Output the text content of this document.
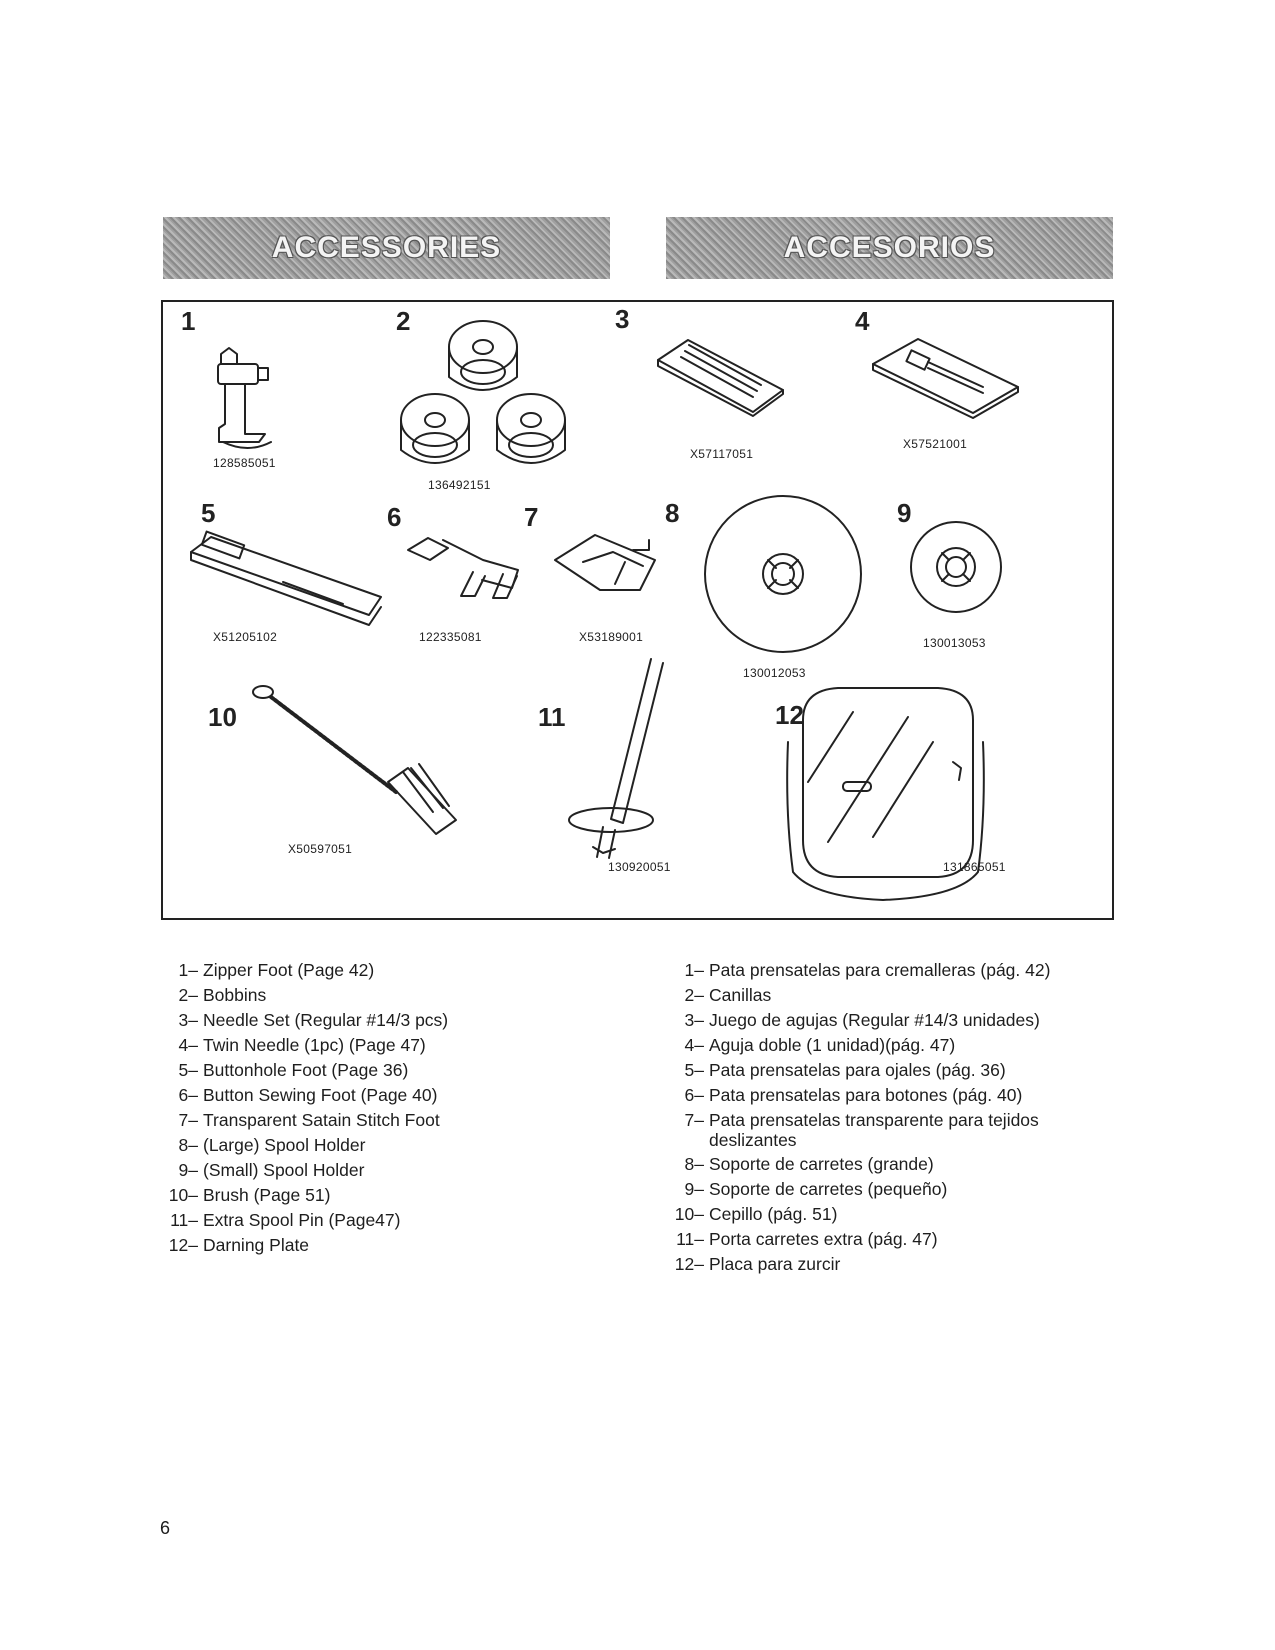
ACCESSORIES	ACCESORIOS
1	2	3	4
5	6	7	8	9
10	11	12
128585051
136492151
X57117051
X57521001
X51205102	122335081	X53189001
130012053
130013053
X50597051
130920051	131865051
1– Zipper Foot (Page 42)
2– Bobbins
3– Needle Set (Regular #14/3 pcs)
4– Twin Needle (1pc) (Page 47)
5– Buttonhole Foot (Page 36)
6– Button Sewing Foot (Page 40)
7– Transparent Satain Stitch Foot
8– (Large) Spool Holder
9– (Small) Spool Holder
10– Brush (Page 51)
11– Extra Spool Pin (Page47)
12– Darning Plate
1– Pata prensatelas para cremalleras (pág. 42)
2– Canillas
3– Juego de agujas (Regular #14/3 unidades)
4– Aguja doble (1 unidad)(pág. 47)
5– Pata prensatelas para ojales (pág. 36)
6– Pata prensatelas para botones (pág. 40)
7– Pata prensatelas transparente para tejidos deslizantes
8– Soporte de carretes (grande)
9– Soporte de carretes (pequeño)
10– Cepillo (pág. 51)
11– Porta carretes extra (pág. 47)
12– Placa para zurcir
6
